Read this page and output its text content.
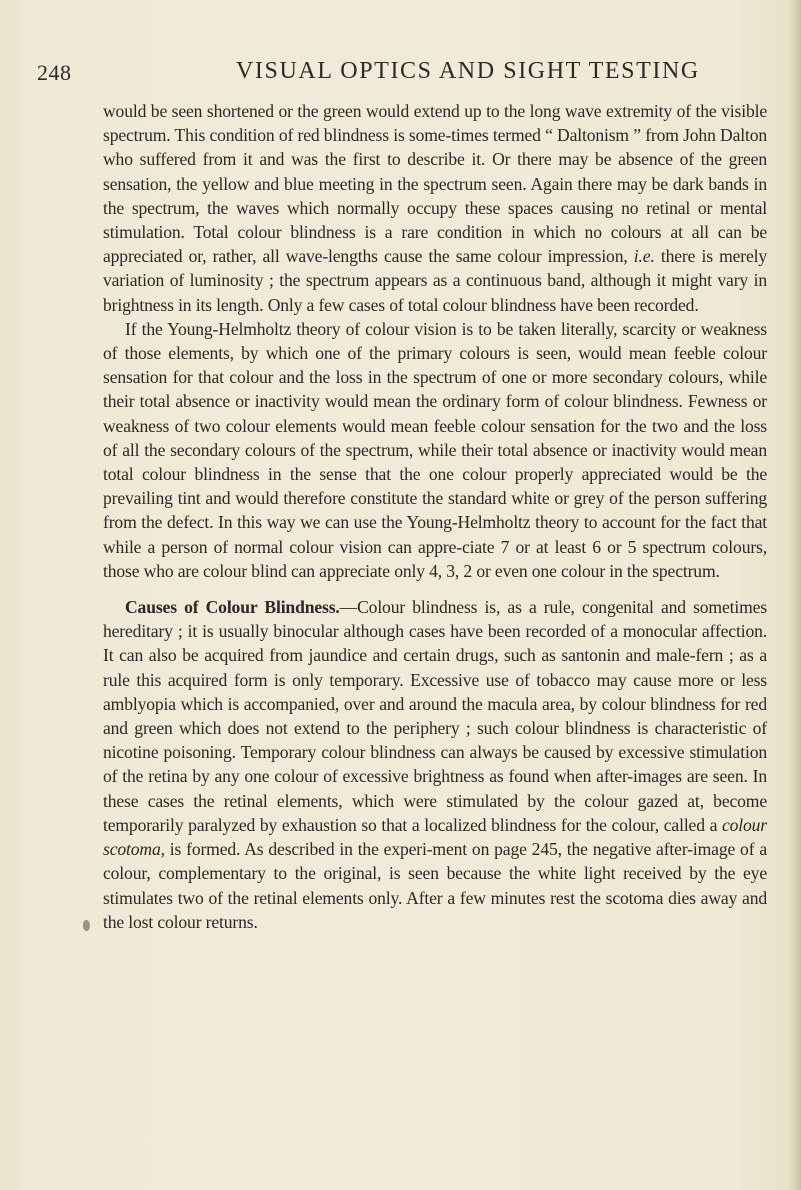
248	VISUAL OPTICS AND SIGHT TESTING

would be seen shortened or the green would extend up to the long wave extremity of the visible spectrum. This condition of red blindness is some-times termed “ Daltonism ” from John Dalton who suffered from it and was the first to describe it. Or there may be absence of the green sensation, the yellow and blue meeting in the spectrum seen. Again there may be dark bands in the spectrum, the waves which normally occupy these spaces causing no retinal or mental stimulation. Total colour blindness is a rare condition in which no colours at all can be appreciated or, rather, all wave-lengths cause the same colour impression, i.e. there is merely variation of luminosity ; the spectrum appears as a continuous band, although it might vary in brightness in its length. Only a few cases of total colour blindness have been recorded.

If the Young-Helmholtz theory of colour vision is to be taken literally, scarcity or weakness of those elements, by which one of the primary colours is seen, would mean feeble colour sensation for that colour and the loss in the spectrum of one or more secondary colours, while their total absence or inactivity would mean the ordinary form of colour blindness. Fewness or weakness of two colour elements would mean feeble colour sensation for the two and the loss of all the secondary colours of the spectrum, while their total absence or inactivity would mean total colour blindness in the sense that the one colour properly appreciated would be the prevailing tint and would therefore constitute the standard white or grey of the person suffering from the defect. In this way we can use the Young-Helmholtz theory to account for the fact that while a person of normal colour vision can appre-ciate 7 or at least 6 or 5 spectrum colours, those who are colour blind can appreciate only 4, 3, 2 or even one colour in the spectrum.

Causes of Colour Blindness.—Colour blindness is, as a rule, congenital and sometimes hereditary ; it is usually binocular although cases have been recorded of a monocular affection. It can also be acquired from jaundice and certain drugs, such as santonin and male-fern ; as a rule this acquired form is only temporary. Excessive use of tobacco may cause more or less amblyopia which is accompanied, over and around the macula area, by colour blindness for red and green which does not extend to the periphery ; such colour blindness is characteristic of nicotine poisoning. Temporary colour blindness can always be caused by excessive stimulation of the retina by any one colour of excessive brightness as found when after-images are seen. In these cases the retinal elements, which were stimulated by the colour gazed at, become temporarily paralyzed by exhaustion so that a localized blindness for the colour, called a colour scotoma, is formed. As described in the experi-ment on page 245, the negative after-image of a colour, complementary to the original, is seen because the white light received by the eye stimulates two of the retinal elements only. After a few minutes rest the scotoma dies away and the lost colour returns.
